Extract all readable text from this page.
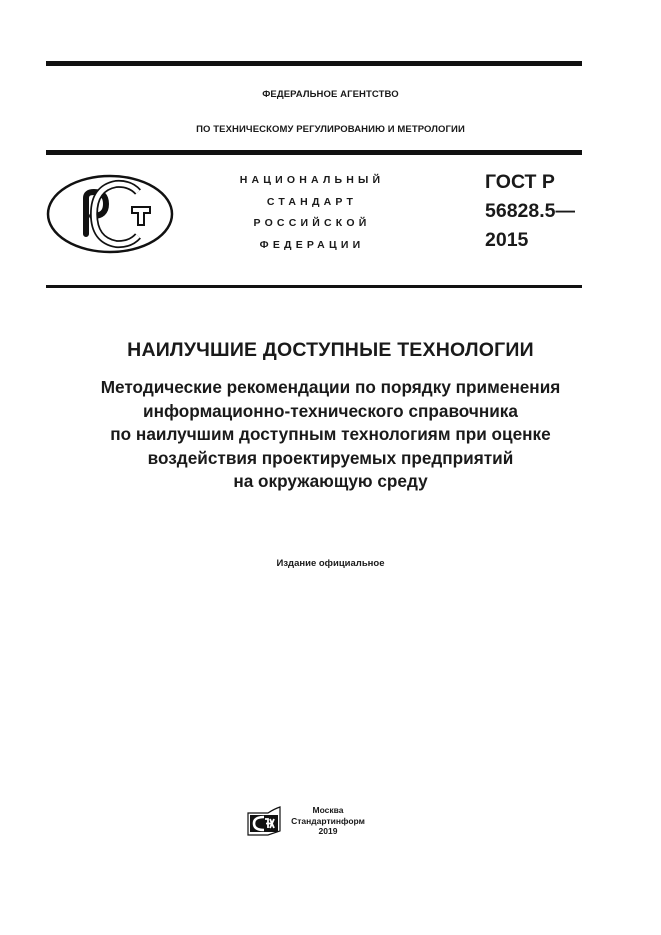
ФЕДЕРАЛЬНОЕ АГЕНТСТВО
ПО ТЕХНИЧЕСКОМУ РЕГУЛИРОВАНИЮ И МЕТРОЛОГИИ
НАЦИОНАЛЬНЫЙ
СТАНДАРТ
РОССИЙСКОЙ
ФЕДЕРАЦИИ
ГОСТ Р
56828.5—
2015
НАИЛУЧШИЕ ДОСТУПНЫЕ ТЕХНОЛОГИИ
Методические рекомендации по порядку применения
информационно-технического справочника
по наилучшим доступным технологиям при оценке
воздействия проектируемых предприятий
на окружающую среду
Издание официальное
Москва
Стандартинформ
2019
